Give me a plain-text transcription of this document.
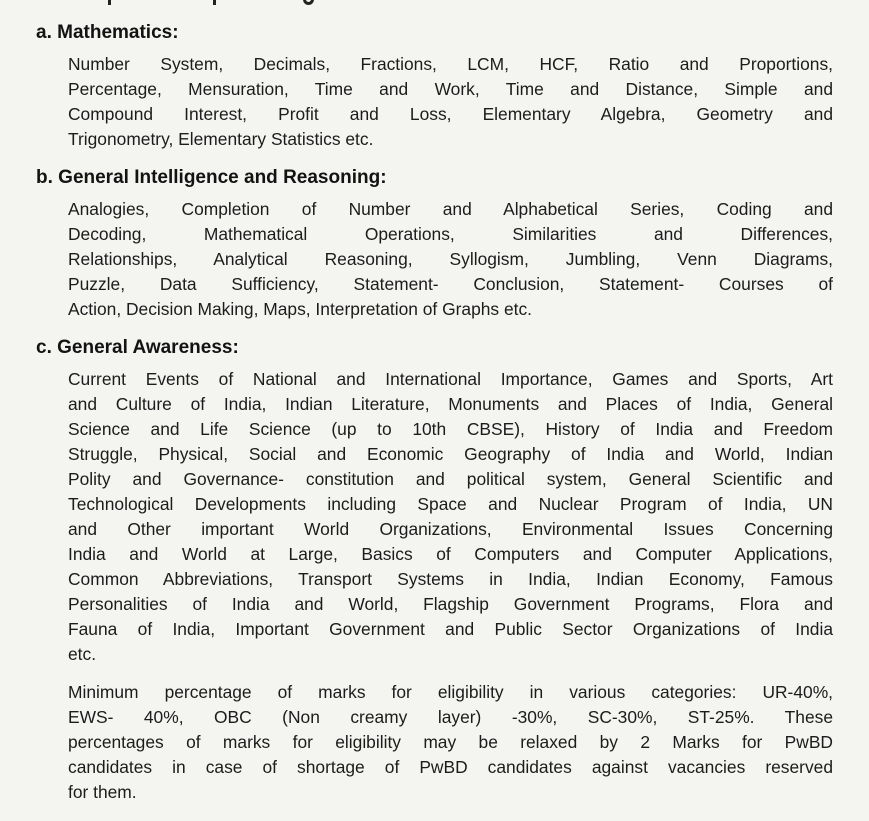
a. Mathematics:
Number System, Decimals, Fractions, LCM, HCF, Ratio and Proportions,
Percentage, Mensuration, Time and Work, Time and Distance, Simple and
Compound Interest, Profit and Loss, Elementary Algebra, Geometry and
Trigonometry, Elementary Statistics etc.
b. General Intelligence and Reasoning:
Analogies, Completion of Number and Alphabetical Series, Coding and
Decoding, Mathematical Operations, Similarities and Differences,
Relationships, Analytical Reasoning, Syllogism, Jumbling, Venn Diagrams,
Puzzle, Data Sufficiency, Statement- Conclusion, Statement- Courses of
Action, Decision Making, Maps, Interpretation of Graphs etc.
c. General Awareness:
Current Events of National and International Importance, Games and Sports, Art
and Culture of India, Indian Literature, Monuments and Places of India, General
Science and Life Science (up to 10th CBSE), History of India and Freedom
Struggle, Physical, Social and Economic Geography of India and World, Indian
Polity and Governance- constitution and political system, General Scientific and
Technological Developments including Space and Nuclear Program of India, UN
and Other important World Organizations, Environmental Issues Concerning
India and World at Large, Basics of Computers and Computer Applications,
Common Abbreviations, Transport Systems in India, Indian Economy, Famous
Personalities of India and World, Flagship Government Programs, Flora and
Fauna of India, Important Government and Public Sector Organizations of India
etc.
Minimum percentage of marks for eligibility in various categories: UR-40%,
EWS- 40%, OBC (Non creamy layer) -30%, SC-30%, ST-25%. These
percentages of marks for eligibility may be relaxed by 2 Marks for PwBD
candidates in case of shortage of PwBD candidates against vacancies reserved
for them.
